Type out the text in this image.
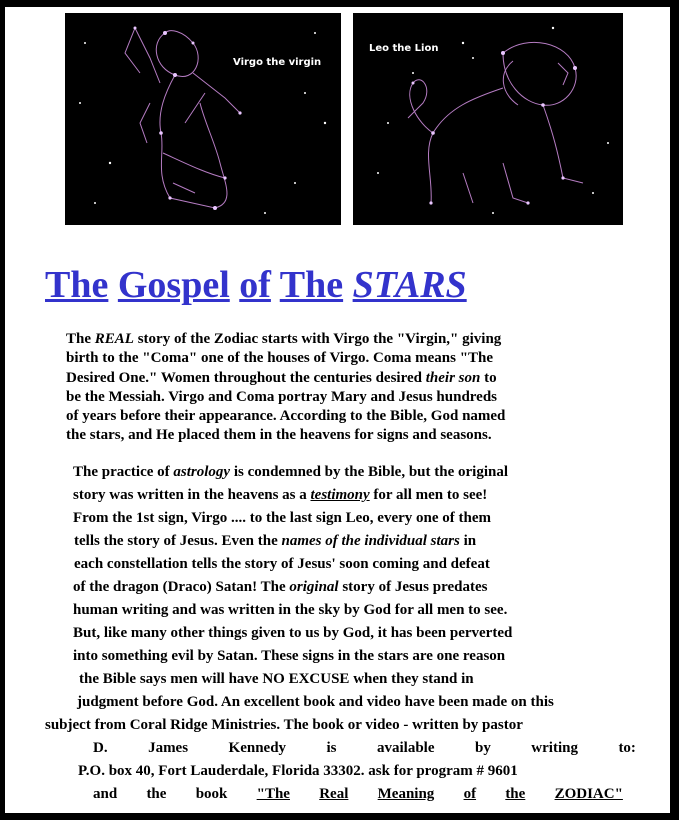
Virgo the virgin
Leo the Lion
The Gospel of The STARS
The REAL story of the Zodiac starts with Virgo the "Virgin," giving
birth to the "Coma" one of the houses of Virgo. Coma means "The
Desired One." Women throughout the centuries desired their son to
be the Messiah. Virgo and Coma portray Mary and Jesus hundreds
of years before their appearance. According to the Bible, God named
the stars, and He placed them in the heavens for signs and seasons.
The practice of astrology is condemned by the Bible, but the original
story was written in the heavens as a testimony for all men to see!
From the 1st sign, Virgo .... to the last sign Leo, every one of them
tells the story of Jesus. Even the names of the individual stars in
each constellation tells the story of Jesus' soon coming and defeat
of the dragon (Draco) Satan! The original story of Jesus predates
human writing and was written in the sky by God for all men to see.
But, like many other things given to us by God, it has been perverted
into something evil by Satan. These signs in the stars are one reason
the Bible says men will have NO EXCUSE when they stand in
judgment before God. An excellent book and video have been made on this
subject from Coral Ridge Ministries. The book or video - written by pastor
D.	James	Kennedy	is	available	by	writing	to:
P.O. box 40, Fort Lauderdale, Florida 33302. ask for program # 9601
and the book "The Real Meaning of the ZODIAC"
